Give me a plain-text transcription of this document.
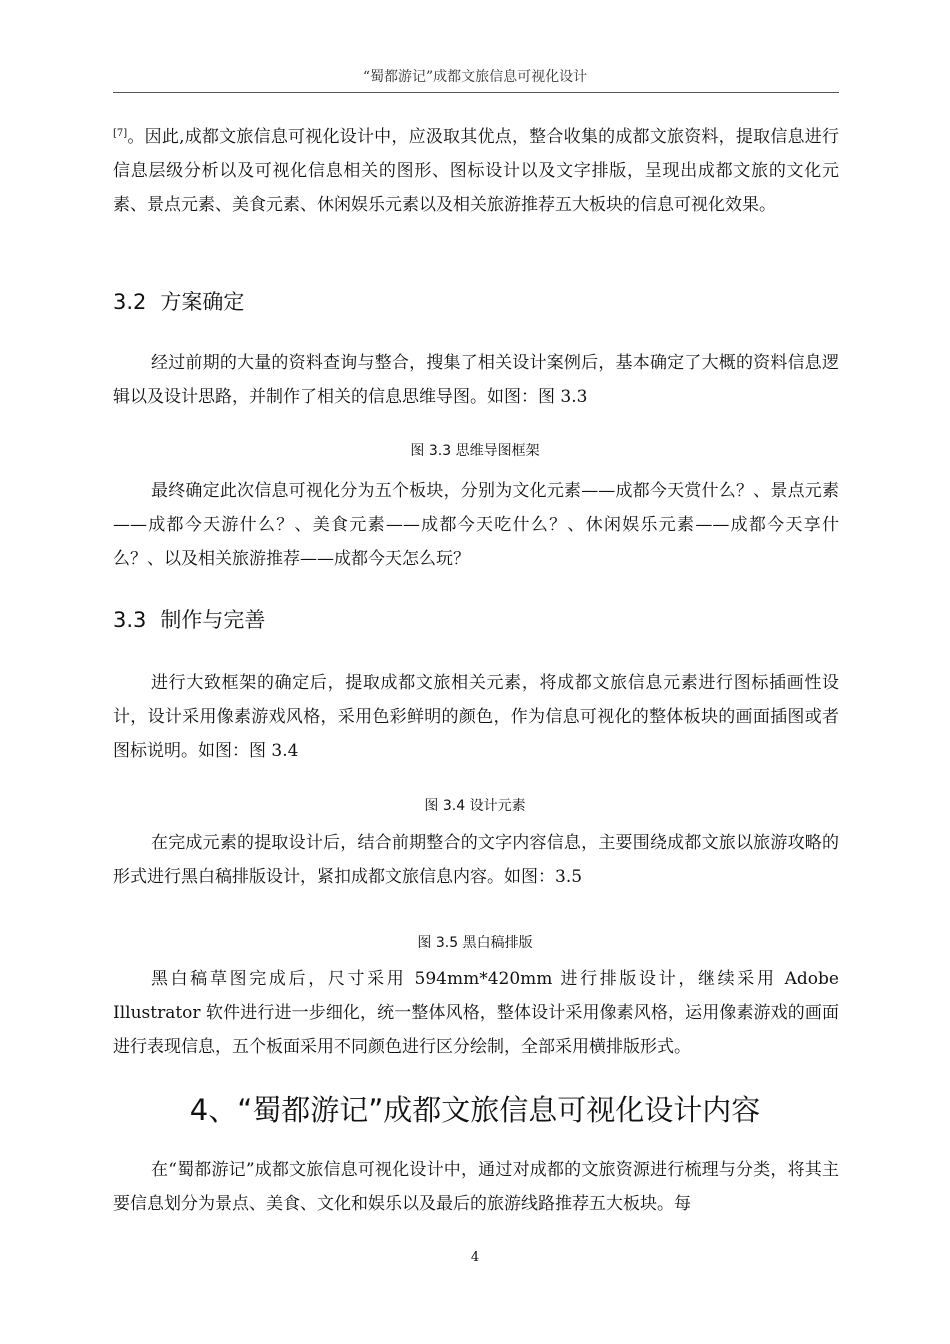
“蜀都游记”成都文旅信息可视化设计

[7]。因此,成都文旅信息可视化设计中，应汲取其优点，整合收集的成都文旅资料，提取信息进行信息层级分析以及可视化信息相关的图形、图标设计以及文字排版，呈现出成都文旅的文化元素、景点元素、美食元素、休闲娱乐元素以及相关旅游推荐五大板块的信息可视化效果。

3.2 方案确定

经过前期的大量的资料查询与整合，搜集了相关设计案例后，基本确定了大概的资料信息逻辑以及设计思路，并制作了相关的信息思维导图。如图：图 3.3

图 3.3 思维导图框架

最终确定此次信息可视化分为五个板块，分别为文化元素——成都今天赏什么？、景点元素——成都今天游什么？、美食元素——成都今天吃什么？、休闲娱乐元素——成都今天享什么？、以及相关旅游推荐——成都今天怎么玩？

3.3 制作与完善

进行大致框架的确定后，提取成都文旅相关元素，将成都文旅信息元素进行图标插画性设计，设计采用像素游戏风格，采用色彩鲜明的颜色，作为信息可视化的整体板块的画面插图或者图标说明。如图：图 3.4

图 3.4 设计元素

在完成元素的提取设计后，结合前期整合的文字内容信息，主要围绕成都文旅以旅游攻略的形式进行黑白稿排版设计，紧扣成都文旅信息内容。如图：3.5

图 3.5 黑白稿排版

黑白稿草图完成后，尺寸采用 594mm*420mm 进行排版设计，继续采用 Adobe Illustrator 软件进行进一步细化，统一整体风格，整体设计采用像素风格，运用像素游戏的画面进行表现信息，五个板面采用不同颜色进行区分绘制，全部采用横排版形式。

4、“蜀都游记”成都文旅信息可视化设计内容

在“蜀都游记”成都文旅信息可视化设计中，通过对成都的文旅资源进行梳理与分类，将其主要信息划分为景点、美食、文化和娱乐以及最后的旅游线路推荐五大板块。每

4
